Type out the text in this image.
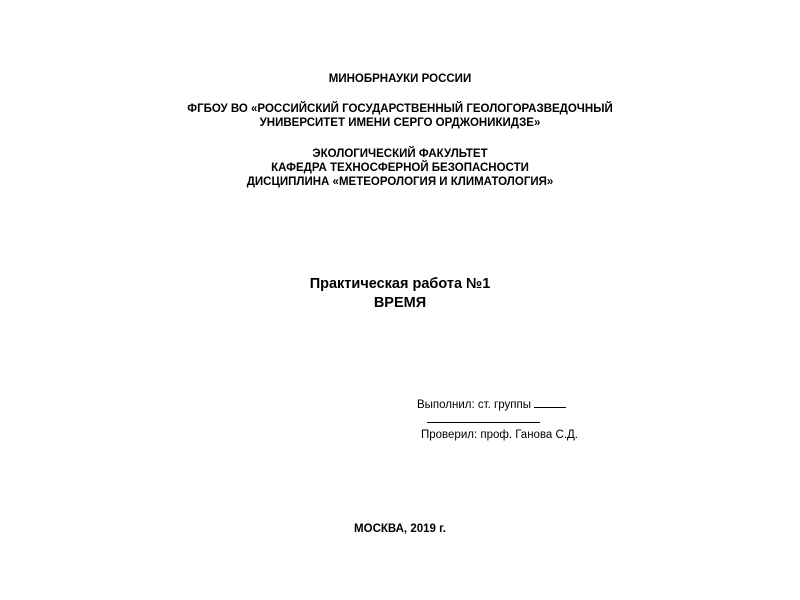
МИНОБРНАУКИ РОССИИ
ФГБОУ ВО «РОССИЙСКИЙ ГОСУДАРСТВЕННЫЙ ГЕОЛОГОРАЗВЕДОЧНЫЙ
УНИВЕРСИТЕТ ИМЕНИ СЕРГО ОРДЖОНИКИДЗЕ»
ЭКОЛОГИЧЕСКИЙ ФАКУЛЬТЕТ
КАФЕДРА ТЕХНОСФЕРНОЙ БЕЗОПАСНОСТИ
ДИСЦИПЛИНА «МЕТЕОРОЛОГИЯ И КЛИМАТОЛОГИЯ»
Практическая работа №1
ВРЕМЯ
Выполнил: ст. группы
Проверил: проф. Ганова С.Д.
МОСКВА, 2019 г.
